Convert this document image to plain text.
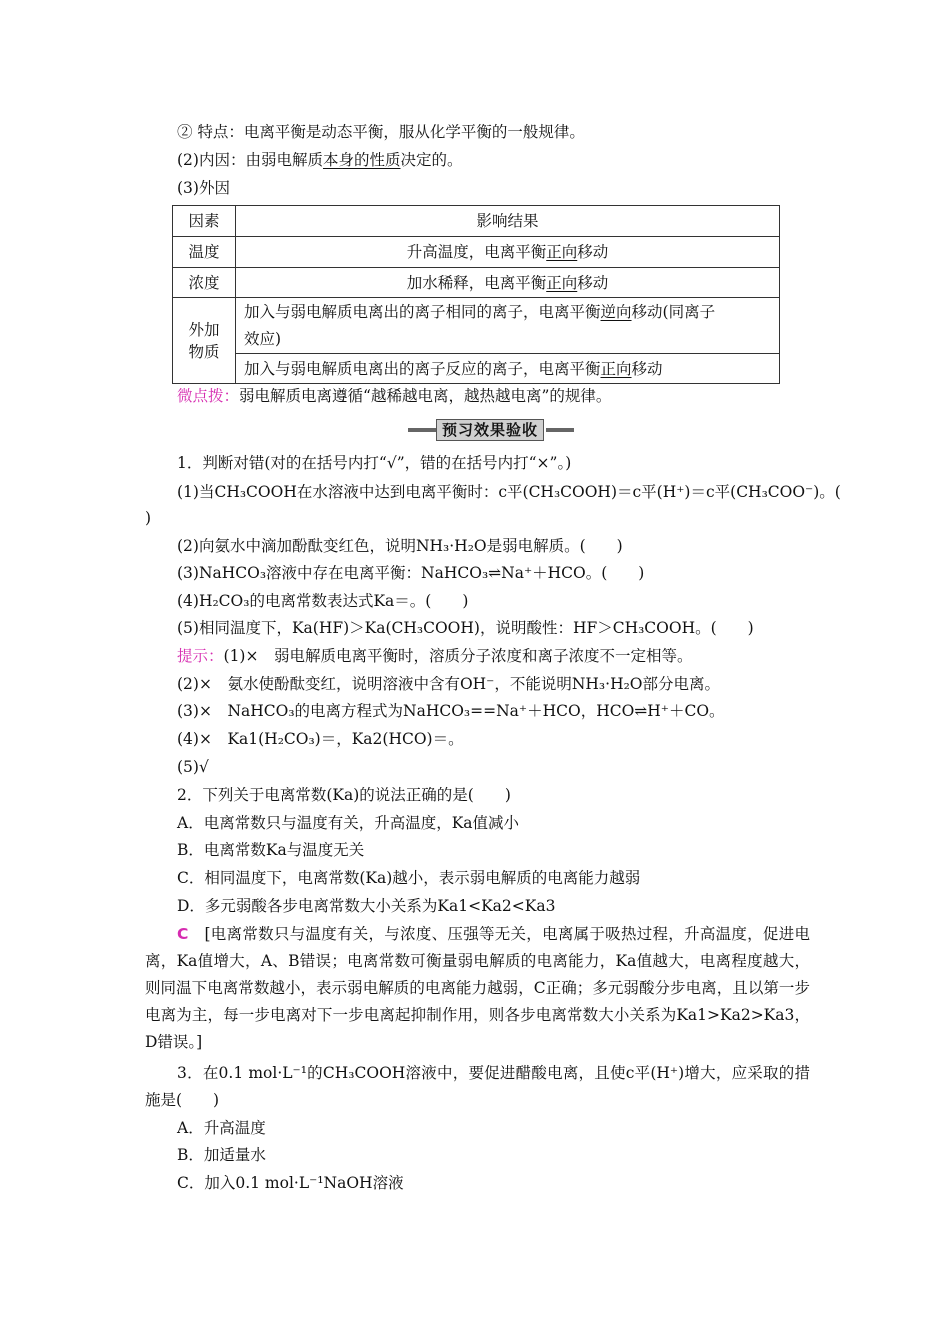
② 特点：电离平衡是动态平衡，服从化学平衡的一般规律。
(2)内因：由弱电解质本身的性质决定的。
(3)外因
因素	影响结果
温度	升高温度，电离平衡正向移动
浓度	加水稀释，电离平衡正向移动
外加
物质	加入与弱电解质电离出的离子相同的离子，电离平衡逆向移动(同离子
效应)
	加入与弱电解质电离出的离子反应的离子，电离平衡正向移动
微点拨：弱电解质电离遵循“越稀越电离，越热越电离”的规律。
预习效果验收
1．判断对错(对的在括号内打“√”，错的在括号内打“×”。)
(1)当CH₃COOH在水溶液中达到电离平衡时：c平(CH₃COOH)＝c平(H⁺)＝c平(CH₃COO⁻)。(
)
(2)向氨水中滴加酚酞变红色，说明NH₃·H₂O是弱电解质。(　　)
(3)NaHCO₃溶液中存在电离平衡：NaHCO₃⇌Na⁺＋HCO。(　　)
(4)H₂CO₃的电离常数表达式Ka＝。(　　)
(5)相同温度下，Ka(HF)＞Ka(CH₃COOH)，说明酸性：HF＞CH₃COOH。(　　)
提示：(1)×　弱电解质电离平衡时，溶质分子浓度和离子浓度不一定相等。
(2)×　氨水使酚酞变红，说明溶液中含有OH⁻，不能说明NH₃·H₂O部分电离。
(3)×　NaHCO₃的电离方程式为NaHCO₃==Na⁺＋HCO，HCO⇌H⁺＋CO。
(4)×　Ka1(H₂CO₃)＝，Ka2(HCO)＝。
(5)√
2．下列关于电离常数(Ka)的说法正确的是(　　)
A．电离常数只与温度有关，升高温度，Ka值减小
B．电离常数Ka与温度无关
C．相同温度下，电离常数(Ka)越小，表示弱电解质的电离能力越弱
D．多元弱酸各步电离常数大小关系为Ka1<Ka2<Ka3
C　 [电离常数只与温度有关，与浓度、压强等无关，电离属于吸热过程，升高温度，促进电离，Ka值增大，A、B错误；电离常数可衡量弱电解质的电离能力，Ka值越大，电离程度越大，则同温下电离常数越小，表示弱电解质的电离能力越弱，C正确；多元弱酸分步电离，且以第一步电离为主，每一步电离对下一步电离起抑制作用，则各步电离常数大小关系为Ka1>Ka2>Ka3，D错误。]
3．在0.1 mol·L⁻¹的CH₃COOH溶液中，要促进醋酸电离，且使c平(H⁺)增大，应采取的措施是(　　)
A．升高温度
B．加适量水
C．加入0.1 mol·L⁻¹NaOH溶液
